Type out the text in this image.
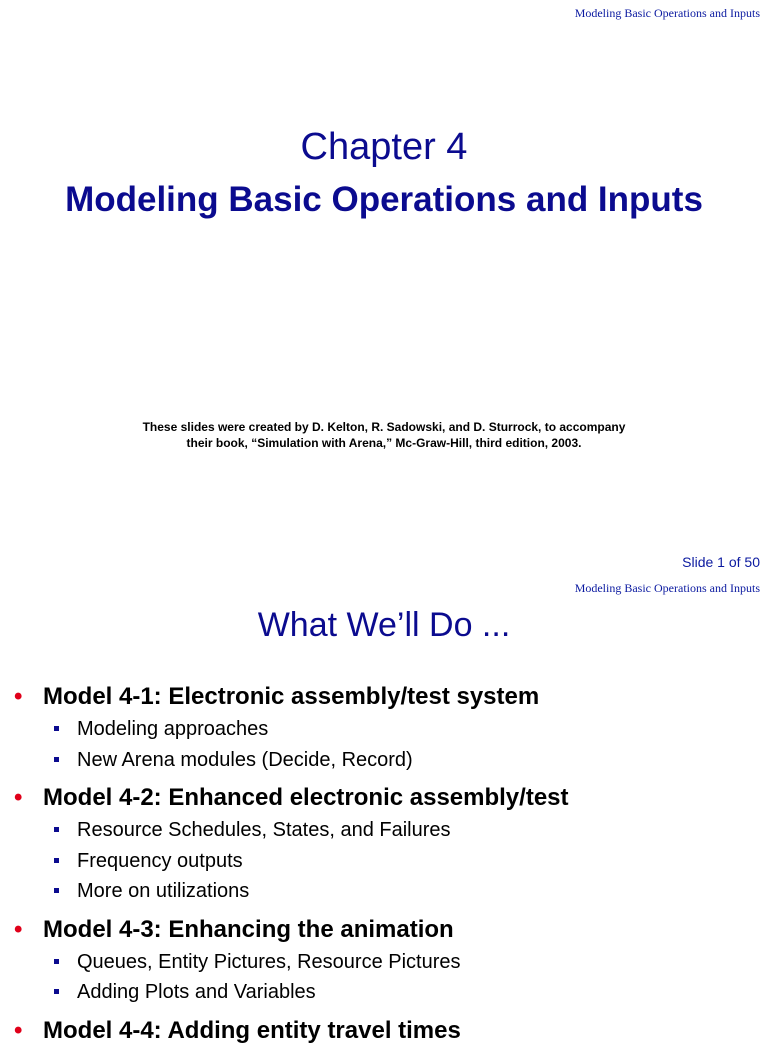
Modeling Basic Operations and Inputs
Chapter 4
Modeling Basic Operations and Inputs
These slides were created by D. Kelton, R. Sadowski, and D. Sturrock, to accompany
their book, “Simulation with Arena,” Mc-Graw-Hill, third edition, 2003.
Slide 1 of 50
Modeling Basic Operations and Inputs
What We’ll Do ...
• Model 4-1: Electronic assembly/test system
Modeling approaches
New Arena modules (Decide, Record)
• Model 4-2: Enhanced electronic assembly/test
Resource Schedules, States, and Failures
Frequency outputs
More on utilizations
• Model 4-3: Enhancing the animation
Queues, Entity Pictures, Resource Pictures
Adding Plots and Variables
• Model 4-4: Adding entity travel times
